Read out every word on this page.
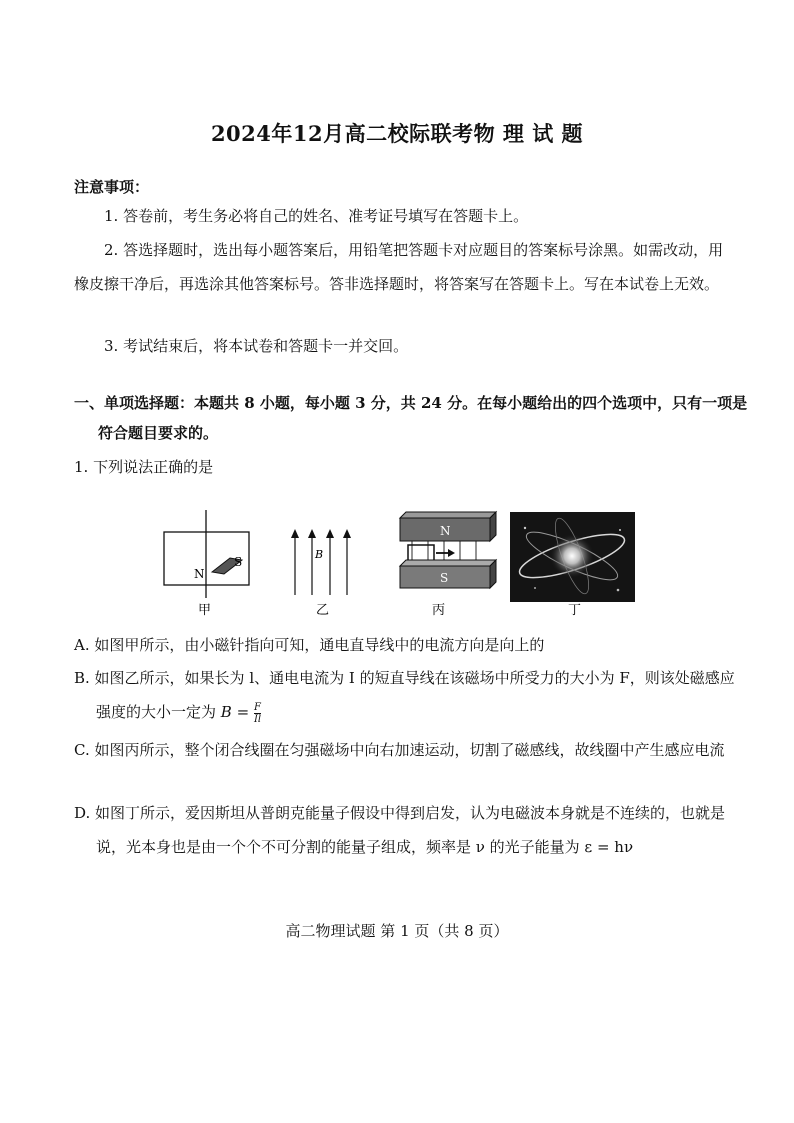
2024年12月高二校际联考物 理 试 题
注意事项：
1. 答卷前，考生务必将自己的姓名、准考证号填写在答题卡上。
2. 答选择题时，选出每小题答案后，用铅笔把答题卡对应题目的答案标号涂黑。如需改动，用橡皮擦干净后，再选涂其他答案标号。答非选择题时，将答案写在答题卡上。写在本试卷上无效。
3. 考试结束后，将本试卷和答题卡一并交回。
一、单项选择题：本题共 8 小题，每小题 3 分，共 24 分。在每小题给出的四个选项中，只有一项是符合题目要求的。
1. 下列说法正确的是
N
S
甲
B
乙
N
S
丙	丁
A. 如图甲所示，由小磁针指向可知，通电直导线中的电流方向是向上的
B. 如图乙所示，如果长为 l、通电电流为 I 的短直导线在该磁场中所受力的大小为 F，则该处磁感应强度的大小一定为 $B = \frac{F}{Il}$
C. 如图丙所示，整个闭合线圈在匀强磁场中向右加速运动，切割了磁感线，故线圈中产生感应电流
D. 如图丁所示，爱因斯坦从普朗克能量子假设中得到启发，认为电磁波本身就是不连续的，也就是说，光本身也是由一个个不可分割的能量子组成，频率是 ν 的光子能量为 ε = hν
高二物理试题 第 1 页（共 8 页）
